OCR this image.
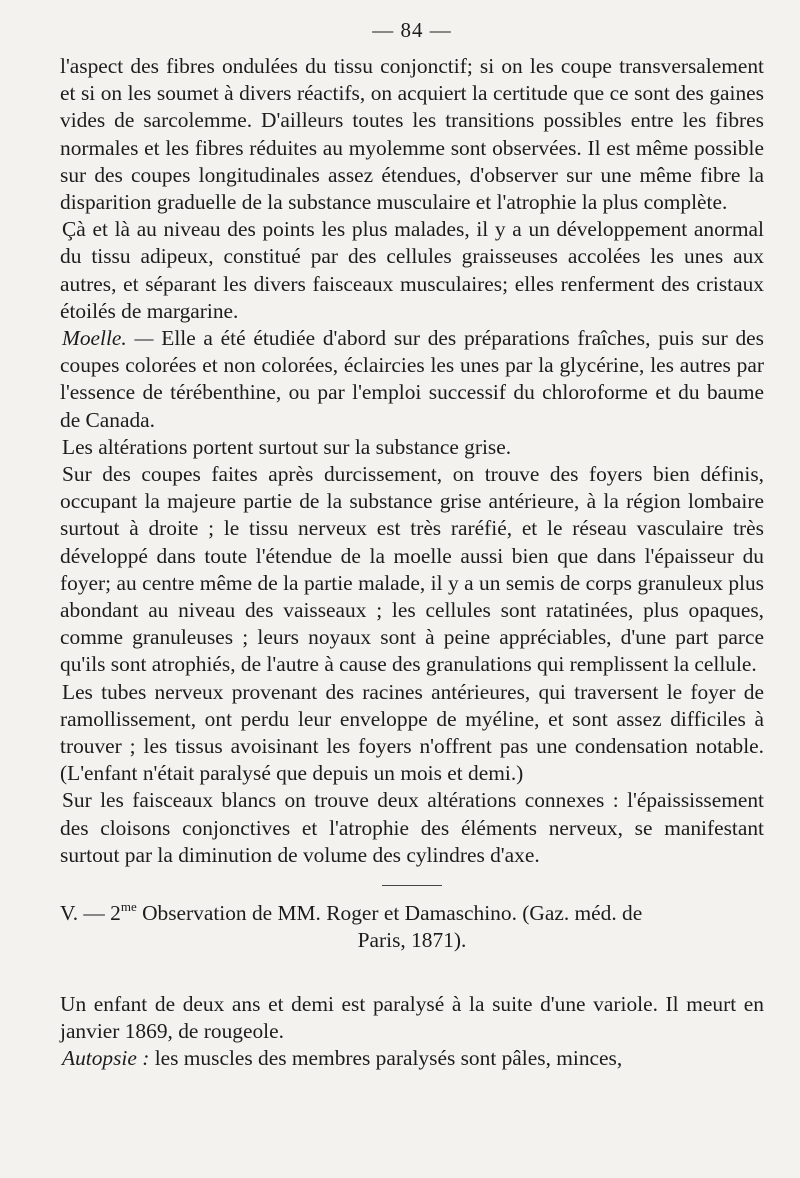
— 84 —

l'aspect des fibres ondulées du tissu conjonctif; si on les coupe transversalement et si on les soumet à divers réactifs, on acquiert la certitude que ce sont des gaines vides de sarcolemme. D'ailleurs toutes les transitions possibles entre les fibres normales et les fibres réduites au myolemme sont observées. Il est même possible sur des coupes longitudinales assez étendues, d'observer sur une même fibre la disparition graduelle de la substance musculaire et l'atrophie la plus complète.

Çà et là au niveau des points les plus malades, il y a un développement anormal du tissu adipeux, constitué par des cellules graisseuses accolées les unes aux autres, et séparant les divers faisceaux musculaires; elles renferment des cristaux étoilés de margarine.

Moelle. — Elle a été étudiée d'abord sur des préparations fraîches, puis sur des coupes colorées et non colorées, éclaircies les unes par la glycérine, les autres par l'essence de térébenthine, ou par l'emploi successif du chloroforme et du baume de Canada.

Les altérations portent surtout sur la substance grise.

Sur des coupes faites après durcissement, on trouve des foyers bien définis, occupant la majeure partie de la substance grise antérieure, à la région lombaire surtout à droite ; le tissu nerveux est très raréfié, et le réseau vasculaire très développé dans toute l'étendue de la moelle aussi bien que dans l'épaisseur du foyer; au centre même de la partie malade, il y a un semis de corps granuleux plus abondant au niveau des vaisseaux ; les cellules sont ratatinées, plus opaques, comme granuleuses ; leurs noyaux sont à peine appréciables, d'une part parce qu'ils sont atrophiés, de l'autre à cause des granulations qui remplissent la cellule.

Les tubes nerveux provenant des racines antérieures, qui traversent le foyer de ramollissement, ont perdu leur enveloppe de myéline, et sont assez difficiles à trouver ; les tissus avoisinant les foyers n'offrent pas une condensation notable. (L'enfant n'était paralysé que depuis un mois et demi.)

Sur les faisceaux blancs on trouve deux altérations connexes : l'épaississement des cloisons conjonctives et l'atrophie des éléments nerveux, se manifestant surtout par la diminution de volume des cylindres d'axe.

V. — $2^{me}$ Observation de MM. Roger et Damaschino. (Gaz. méd. de
Paris, 1871).

Un enfant de deux ans et demi est paralysé à la suite d'une variole. Il meurt en janvier 1869, de rougeole.

Autopsie : les muscles des membres paralysés sont pâles, minces,
